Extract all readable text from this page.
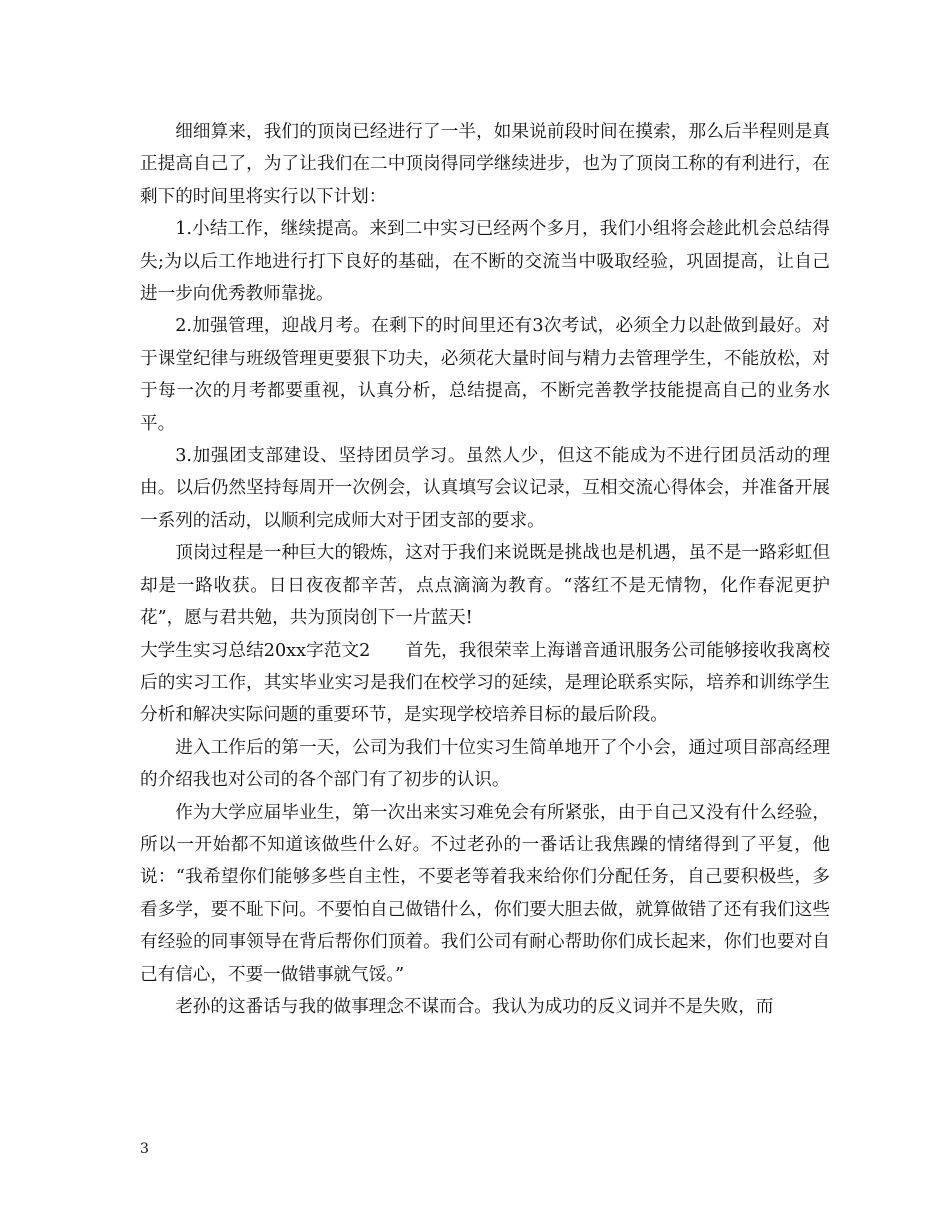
细细算来，我们的顶岗已经进行了一半，如果说前段时间在摸索，那么后半程则是真正提高自己了，为了让我们在二中顶岗得同学继续进步，也为了顶岗工称的有利进行，在剩下的时间里将实行以下计划：

1.小结工作，继续提高。来到二中实习已经两个多月，我们小组将会趁此机会总结得失;为以后工作地进行打下良好的基础，在不断的交流当中吸取经验，巩固提高，让自己进一步向优秀教师靠拢。

2.加强管理，迎战月考。在剩下的时间里还有3次考试，必须全力以赴做到最好。对于课堂纪律与班级管理更要狠下功夫，必须花大量时间与精力去管理学生，不能放松，对于每一次的月考都要重视，认真分析，总结提高，不断完善教学技能提高自己的业务水平。

3.加强团支部建设、坚持团员学习。虽然人少，但这不能成为不进行团员活动的理由。以后仍然坚持每周开一次例会，认真填写会议记录，互相交流心得体会，并准备开展一系列的活动，以顺利完成师大对于团支部的要求。

顶岗过程是一种巨大的锻炼，这对于我们来说既是挑战也是机遇，虽不是一路彩虹但却是一路收获。日日夜夜都辛苦，点点滴滴为教育。“落红不是无情物，化作春泥更护花”，愿与君共勉，共为顶岗创下一片蓝天!

大学生实习总结20xx字范文2　　首先，我很荣幸上海谱音通讯服务公司能够接收我离校后的实习工作，其实毕业实习是我们在校学习的延续，是理论联系实际，培养和训练学生分析和解决实际问题的重要环节，是实现学校培养目标的最后阶段。

进入工作后的第一天，公司为我们十位实习生简单地开了个小会，通过项目部高经理的介绍我也对公司的各个部门有了初步的认识。

作为大学应届毕业生，第一次出来实习难免会有所紧张，由于自己又没有什么经验，所以一开始都不知道该做些什么好。不过老孙的一番话让我焦躁的情绪得到了平复，他说：“我希望你们能够多些自主性，不要老等着我来给你们分配任务，自己要积极些，多看多学，要不耻下问。不要怕自己做错什么，你们要大胆去做，就算做错了还有我们这些有经验的同事领导在背后帮你们顶着。我们公司有耐心帮助你们成长起来，你们也要对自己有信心，不要一做错事就气馁。”

老孙的这番话与我的做事理念不谋而合。我认为成功的反义词并不是失败，而

3
